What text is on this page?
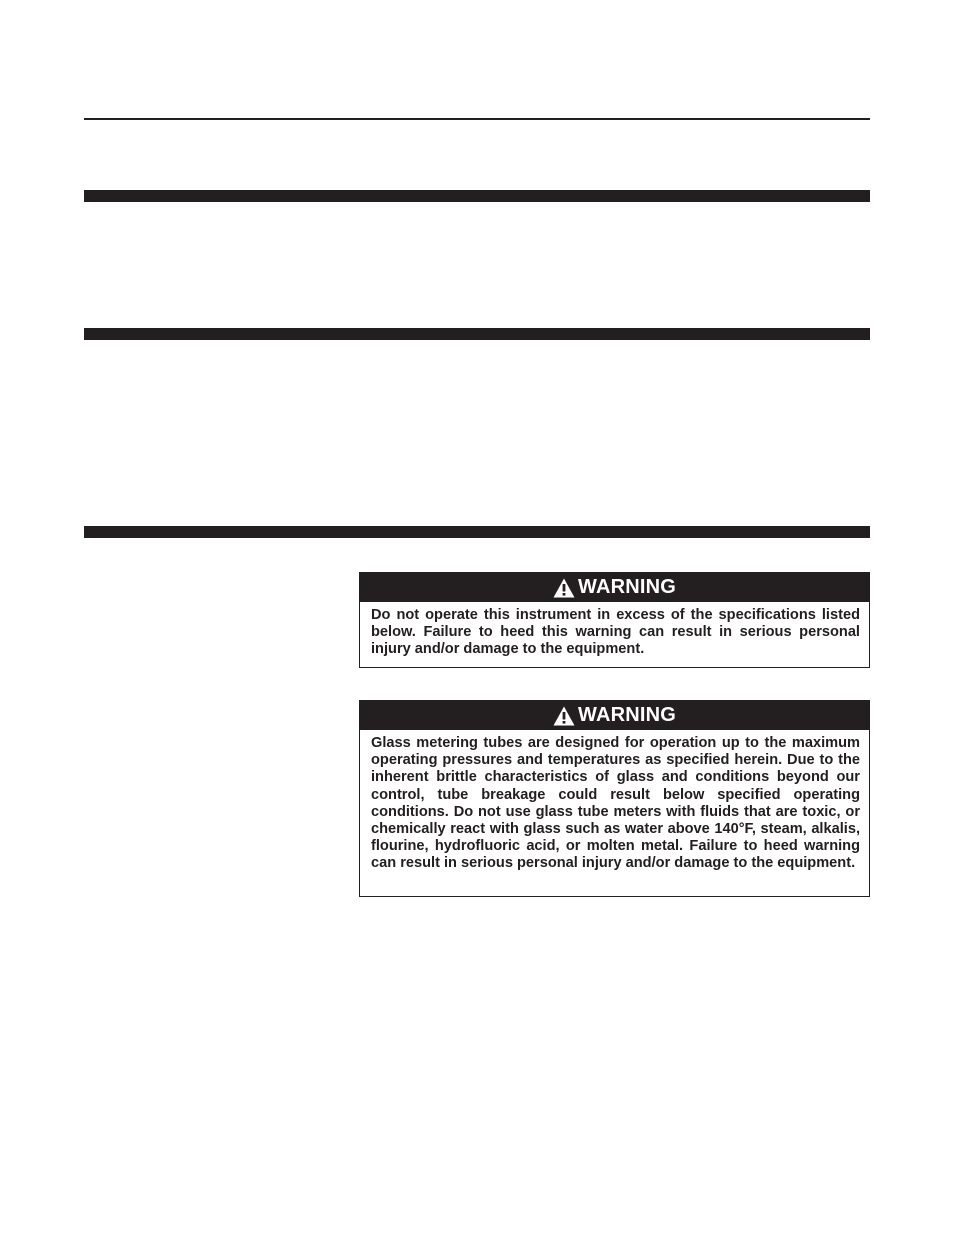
WARNING
Do not operate this instrument in excess of the specifications listed below. Failure to heed this warning can result in serious personal injury and/or damage to the equipment.
WARNING
Glass metering tubes are designed for operation up to the maximum operating pressures and temperatures as specified herein. Due to the inherent brittle characteristics of glass and conditions beyond our control, tube breakage could result below specified operating conditions. Do not use glass tube meters with fluids that are toxic, or chemically react with glass such as water above 140°F, steam, alkalis, flourine, hydrofluoric acid, or molten metal. Failure to heed warning can result in serious personal injury and/or damage to the equipment.
